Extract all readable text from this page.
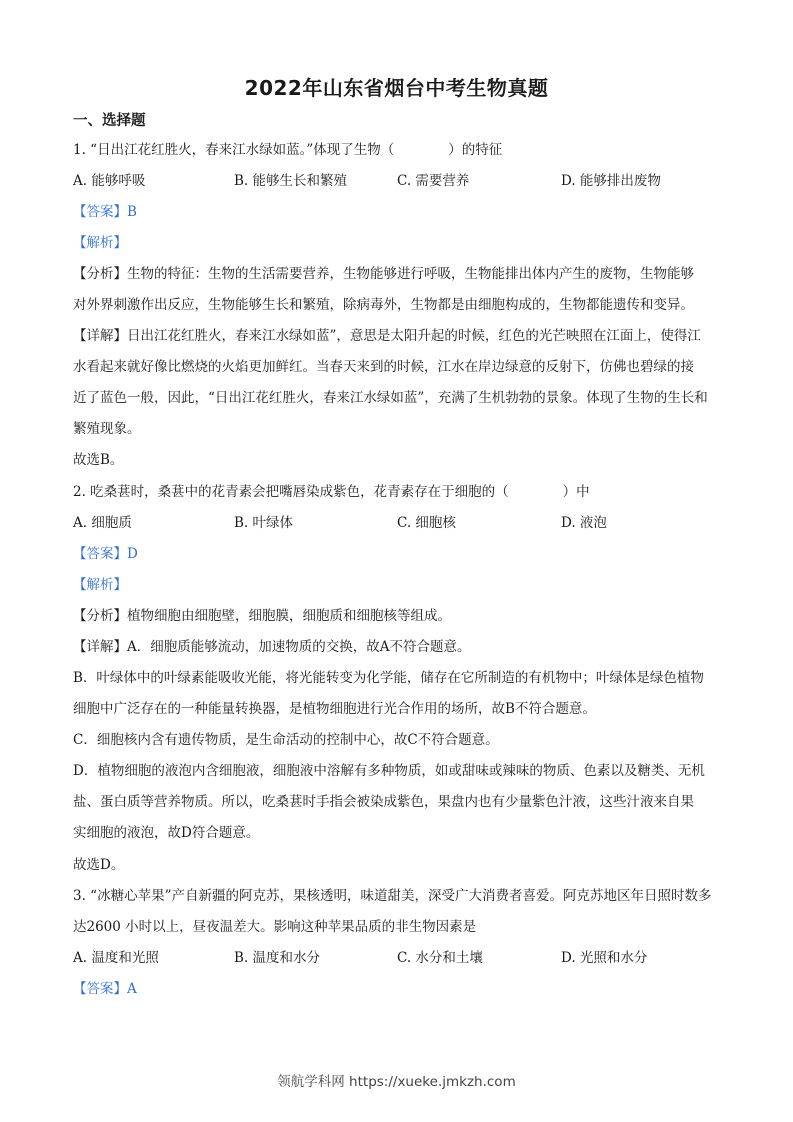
2022年山东省烟台中考生物真题
一、选择题
1. “日出江花红胜火，春来江水绿如蓝。”体现了生物（　　　　）的特征
A. 能够呼吸	B. 能够生长和繁殖	C. 需要营养	D. 能够排出废物
【答案】B
【解析】
【分析】生物的特征：生物的生活需要营养，生物能够进行呼吸，生物能排出体内产生的废物，生物能够
对外界刺激作出反应，生物能够生长和繁殖，除病毒外，生物都是由细胞构成的，生物都能遗传和变异。
【详解】日出江花红胜火，春来江水绿如蓝”，意思是太阳升起的时候，红色的光芒映照在江面上，使得江
水看起来就好像比燃烧的火焰更加鲜红。当春天来到的时候，江水在岸边绿意的反射下，仿佛也碧绿的接
近了蓝色一般，因此，“日出江花红胜火，春来江水绿如蓝”，充满了生机勃勃的景象。体现了生物的生长和
繁殖现象。
故选B。
2. 吃桑葚时，桑葚中的花青素会把嘴唇染成紫色，花青素存在于细胞的（　　　　）中
A. 细胞质	B. 叶绿体	C. 细胞核	D. 液泡
【答案】D
【解析】
【分析】植物细胞由细胞壁，细胞膜，细胞质和细胞核等组成。
【详解】A．细胞质能够流动，加速物质的交换，故A不符合题意。
B．叶绿体中的叶绿素能吸收光能，将光能转变为化学能，储存在它所制造的有机物中；叶绿体是绿色植物
细胞中广泛存在的一种能量转换器，是植物细胞进行光合作用的场所，故B不符合题意。
C．细胞核内含有遗传物质，是生命活动的控制中心，故C不符合题意。
D．植物细胞的液泡内含细胞液，细胞液中溶解有多种物质，如或甜味或辣味的物质、色素以及糖类、无机
盐、蛋白质等营养物质。所以，吃桑葚时手指会被染成紫色，果盘内也有少量紫色汁液，这些汁液来自果
实细胞的液泡，故D符合题意。
故选D。
3. “冰糖心苹果”产自新疆的阿克苏，果核透明，味道甜美，深受广大消费者喜爱。阿克苏地区年日照时数多
达2600 小时以上，昼夜温差大。影响这种苹果品质的非生物因素是
A. 温度和光照	B. 温度和水分	C. 水分和土壤	D. 光照和水分
【答案】A
领航学科网 https://xueke.jmkzh.com
